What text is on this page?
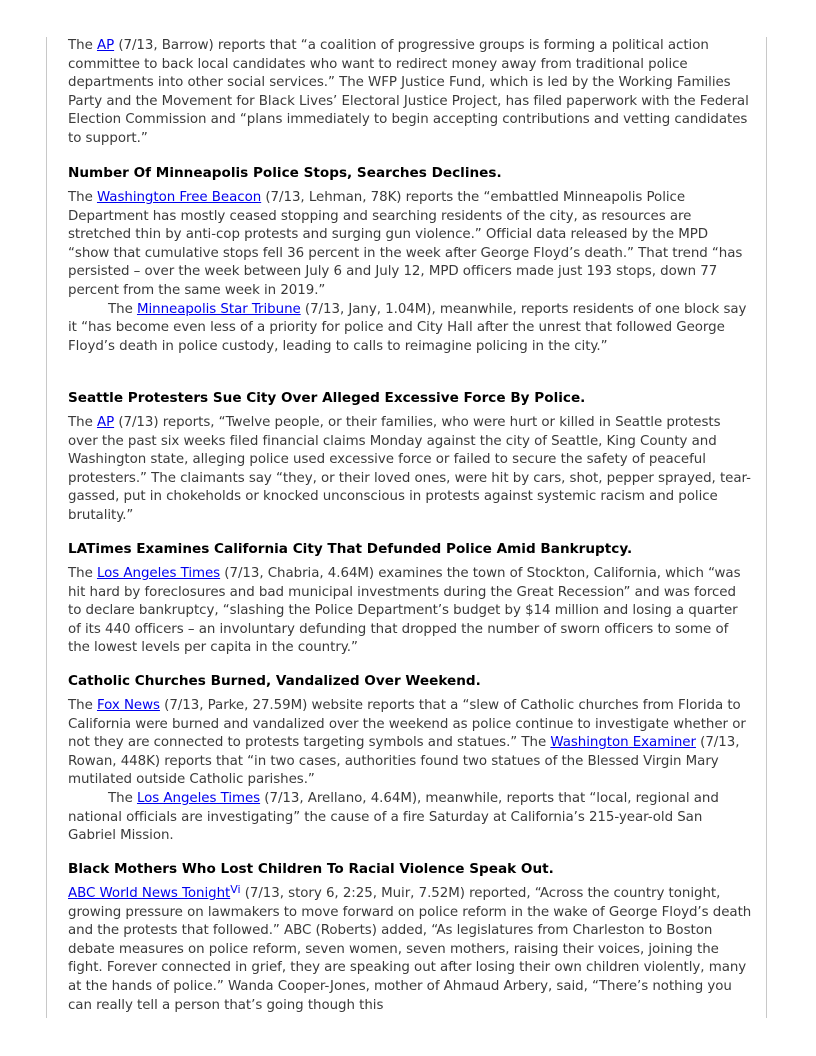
The AP (7/13, Barrow) reports that “a coalition of progressive groups is forming a political action committee to back local candidates who want to redirect money away from traditional police departments into other social services.” The WFP Justice Fund, which is led by the Working Families Party and the Movement for Black Lives’ Electoral Justice Project, has filed paperwork with the Federal Election Commission and “plans immediately to begin accepting contributions and vetting candidates to support.”

Number Of Minneapolis Police Stops, Searches Declines.

The Washington Free Beacon (7/13, Lehman, 78K) reports the “embattled Minneapolis Police Department has mostly ceased stopping and searching residents of the city, as resources are stretched thin by anti-cop protests and surging gun violence.” Official data released by the MPD “show that cumulative stops fell 36 percent in the week after George Floyd’s death.” That trend “has persisted – over the week between July 6 and July 12, MPD officers made just 193 stops, down 77 percent from the same week in 2019.”

The Minneapolis Star Tribune (7/13, Jany, 1.04M), meanwhile, reports residents of one block say it “has become even less of a priority for police and City Hall after the unrest that followed George Floyd’s death in police custody, leading to calls to reimagine policing in the city.”

Seattle Protesters Sue City Over Alleged Excessive Force By Police.

The AP (7/13) reports, “Twelve people, or their families, who were hurt or killed in Seattle protests over the past six weeks filed financial claims Monday against the city of Seattle, King County and Washington state, alleging police used excessive force or failed to secure the safety of peaceful protesters.” The claimants say “they, or their loved ones, were hit by cars, shot, pepper sprayed, tear-gassed, put in chokeholds or knocked unconscious in protests against systemic racism and police brutality.”

LATimes Examines California City That Defunded Police Amid Bankruptcy.

The Los Angeles Times (7/13, Chabria, 4.64M) examines the town of Stockton, California, which “was hit hard by foreclosures and bad municipal investments during the Great Recession” and was forced to declare bankruptcy, “slashing the Police Department’s budget by $14 million and losing a quarter of its 440 officers – an involuntary defunding that dropped the number of sworn officers to some of the lowest levels per capita in the country.”

Catholic Churches Burned, Vandalized Over Weekend.

The Fox News (7/13, Parke, 27.59M) website reports that a “slew of Catholic churches from Florida to California were burned and vandalized over the weekend as police continue to investigate whether or not they are connected to protests targeting symbols and statues.” The Washington Examiner (7/13, Rowan, 448K) reports that “in two cases, authorities found two statues of the Blessed Virgin Mary mutilated outside Catholic parishes.”

The Los Angeles Times (7/13, Arellano, 4.64M), meanwhile, reports that “local, regional and national officials are investigating” the cause of a fire Saturday at California’s 215-year-old San Gabriel Mission.

Black Mothers Who Lost Children To Racial Violence Speak Out.

ABC World News Tonight$^{Vi}$ (7/13, story 6, 2:25, Muir, 7.52M) reported, “Across the country tonight, growing pressure on lawmakers to move forward on police reform in the wake of George Floyd’s death and the protests that followed.” ABC (Roberts) added, “As legislatures from Charleston to Boston debate measures on police reform, seven women, seven mothers, raising their voices, joining the fight. Forever connected in grief, they are speaking out after losing their own children violently, many at the hands of police.” Wanda Cooper-Jones, mother of Ahmaud Arbery, said, “There’s nothing you can really tell a person that’s going though this
